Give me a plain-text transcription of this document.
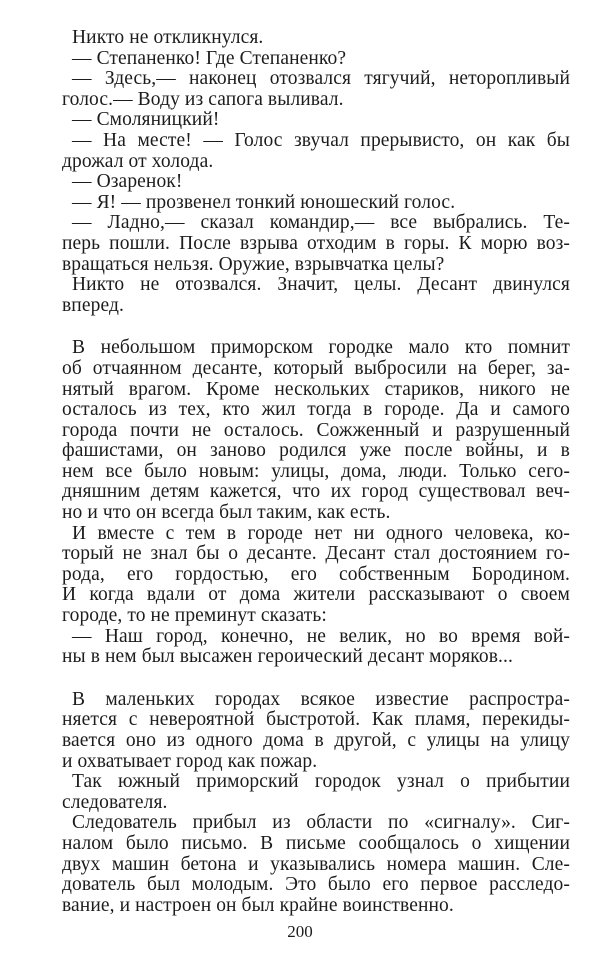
Никто не откликнулся.
— Степаненко! Где Степаненко?
— Здесь,— наконец отозвался тягучий, неторопливый
голос.— Воду из сапога выливал.
— Смоляницкий!
— На месте! — Голос звучал прерывисто, он как бы
дрожал от холода.
— Озаренок!
— Я! — прозвенел тонкий юношеский голос.
— Ладно,— сказал командир,— все выбрались. Те-
перь пошли. После взрыва отходим в горы. К морю воз-
вращаться нельзя. Оружие, взрывчатка целы?
Никто не отозвался. Значит, целы. Десант двинулся
вперед.
В небольшом приморском городке мало кто помнит
об отчаянном десанте, который выбросили на берег, за-
нятый врагом. Кроме нескольких стариков, никого не
осталось из тех, кто жил тогда в городе. Да и самого
города почти не осталось. Сожженный и разрушенный
фашистами, он заново родился уже после войны, и в
нем все было новым: улицы, дома, люди. Только сего-
дняшним детям кажется, что их город существовал веч-
но и что он всегда был таким, как есть.
И вместе с тем в городе нет ни одного человека, ко-
торый не знал бы о десанте. Десант стал достоянием го-
рода, его гордостью, его собственным Бородином.
И когда вдали от дома жители рассказывают о своем
городе, то не преминут сказать:
— Наш город, конечно, не велик, но во время вой-
ны в нем был высажен героический десант моряков...
В маленьких городах всякое известие распростра-
няется с невероятной быстротой. Как пламя, перекиды-
вается оно из одного дома в другой, с улицы на улицу
и охватывает город как пожар.
Так южный приморский городок узнал о прибытии
следователя.
Следователь прибыл из области по «сигналу». Сиг-
налом было письмо. В письме сообщалось о хищении
двух машин бетона и указывались номера машин. Сле-
дователь был молодым. Это было его первое расследо-
вание, и настроен он был крайне воинственно.
200
